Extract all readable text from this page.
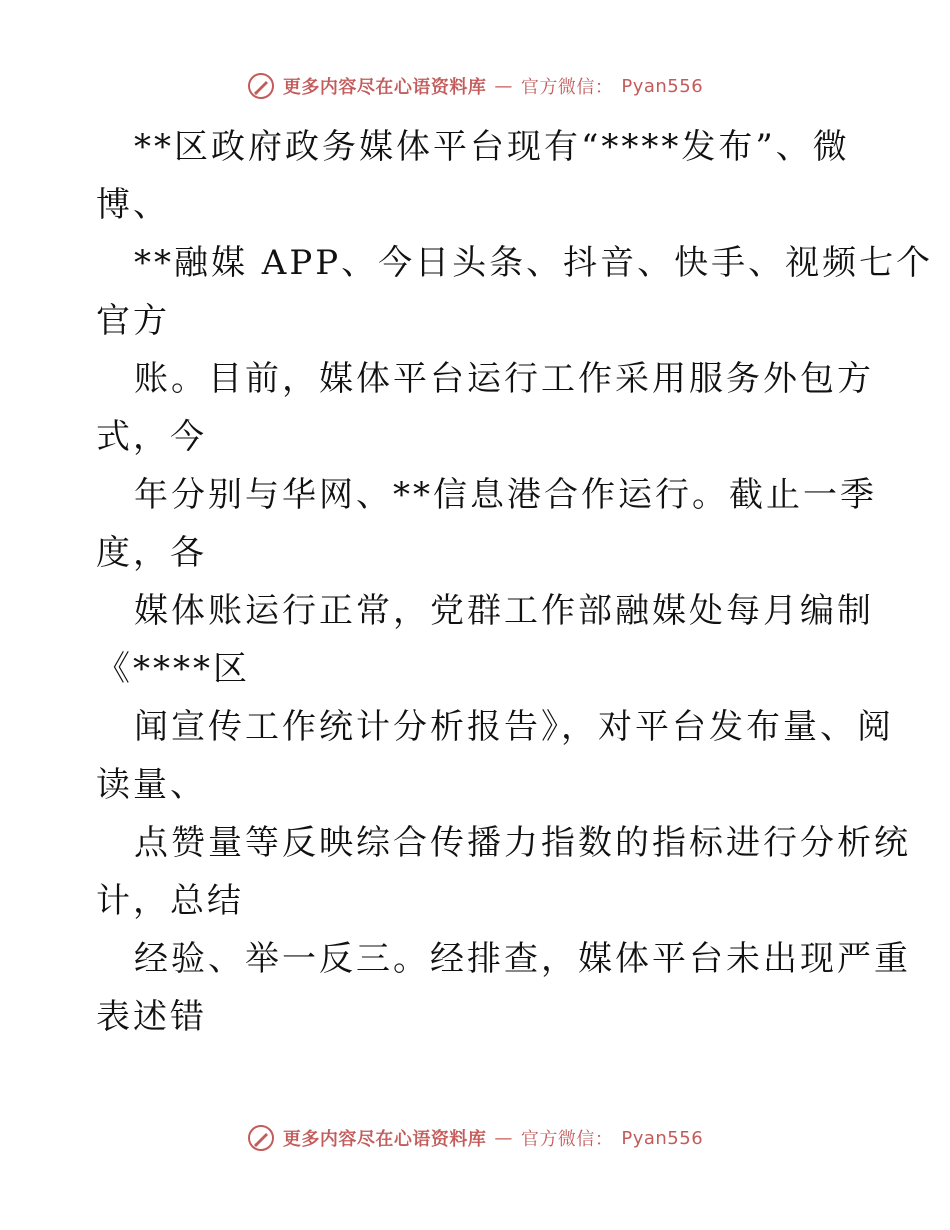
更多内容尽在心语资料库 — 官方微信： Pyan556

**区政府政务媒体平台现有“****发布”、微
博、

**融媒 APP、今日头条、抖音、快手、视频七个
官方

账。目前，媒体平台运行工作采用服务外包方
式，今

年分别与华网、**信息港合作运行。截止一季
度，各

媒体账运行正常，党群工作部融媒处每月编制
《****区

闻宣传工作统计分析报告》，对平台发布量、阅
读量、

点赞量等反映综合传播力指数的指标进行分析统
计，总结

经验、举一反三。经排查，媒体平台未出现严重
表述错

更多内容尽在心语资料库 — 官方微信： Pyan556
